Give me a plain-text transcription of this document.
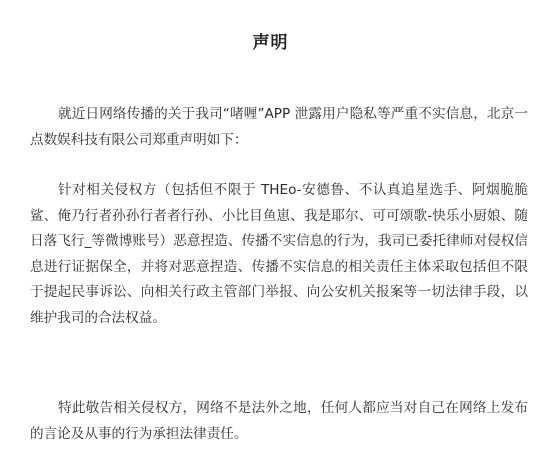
声明

就近日网络传播的关于我司“啫喱”APP 泄露用户隐私等严重不实信息，北京一点数娱科技有限公司郑重声明如下：

针对相关侵权方（包括但不限于 THEo-安德鲁、不认真追星选手、阿烟脆脆鲨、俺乃行者孙孙行者者行孙、小比目鱼崽、我是耶尔、可可颂歌-快乐小厨娘、随日落飞行_等微博账号）恶意捏造、传播不实信息的行为，我司已委托律师对侵权信息进行证据保全，并将对恶意捏造、传播不实信息的相关责任主体采取包括但不限于提起民事诉讼、向相关行政主管部门举报、向公安机关报案等一切法律手段，以维护我司的合法权益。

特此敬告相关侵权方，网络不是法外之地，任何人都应当对自己在网络上发布的言论及从事的行为承担法律责任。
